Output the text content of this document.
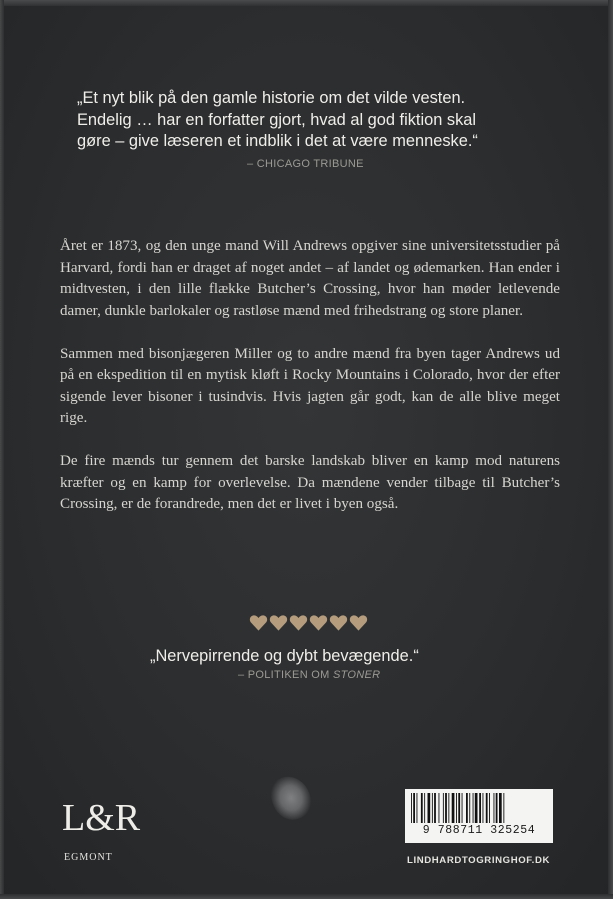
„Et nyt blik på den gamle historie om det vilde vesten.

Endelig … har en forfatter gjort, hvad al god fiktion skal

gøre – give læseren et indblik i det at være menneske.“

– CHICAGO TRIBUNE

Året er 1873, og den unge mand Will Andrews opgiver sine universitetsstudier på Harvard, fordi han er draget af noget andet – af landet og ødemarken. Han ender i midtvesten, i den lille flække Butcher’s Crossing, hvor han møder letlevende damer, dunkle barlokaler og rastløse mænd med frihedstrang og store planer.

Sammen med bisonjægeren Miller og to andre mænd fra byen tager Andrews ud på en ekspedition til en mytisk kløft i Rocky Mountains i Colorado, hvor der efter sigende lever bisoner i tusindvis. Hvis jagten går godt, kan de alle blive meget rige.

De fire mænds tur gennem det barske landskab bliver en kamp mod naturens kræfter og en kamp for overlevelse. Da mændene vender tilbage til Butcher’s Crossing, er de forandrede, men det er livet i byen også.

„Nervepirrende og dybt bevægende.“
– POLITIKEN OM STONER
L&R
EGMONT
9 788711 325254
LINDHARDTOGRINGHOF.DK
